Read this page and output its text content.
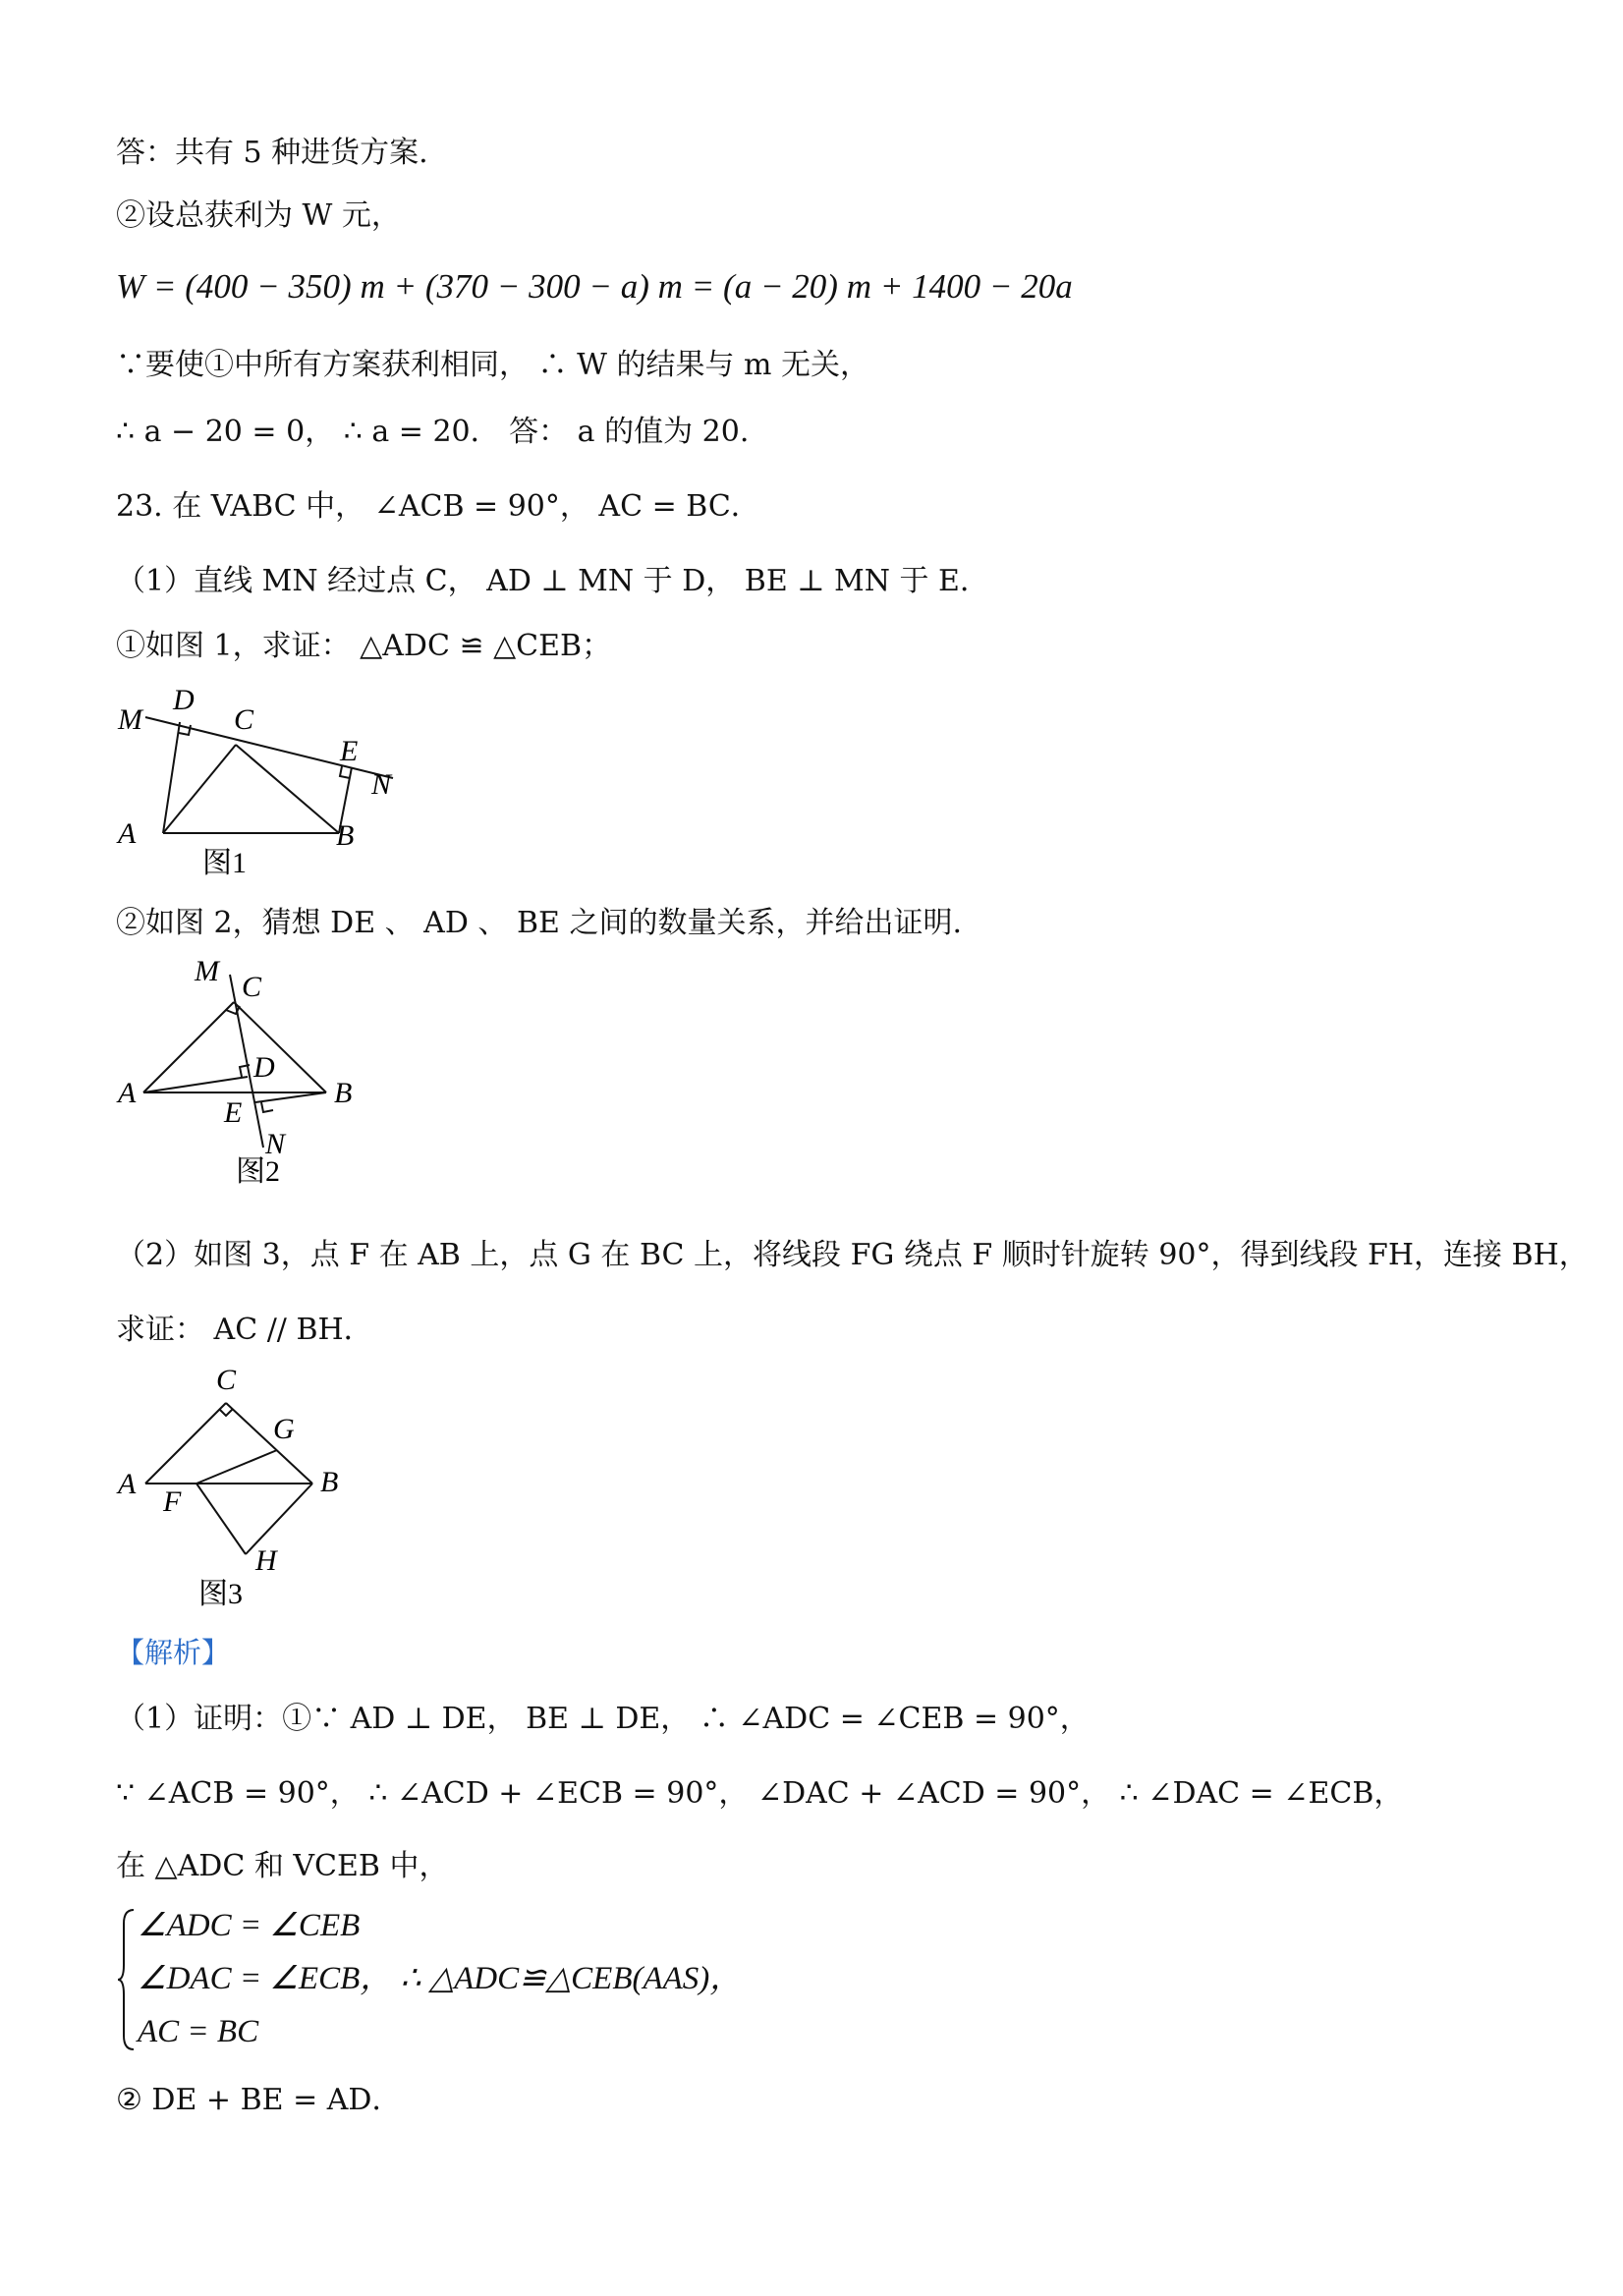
答：共有 5 种进货方案.
②设总获利为 W 元，
W = (400 − 350) m + (370 − 300 − a) m = (a − 20) m + 1400 − 20a
∵要使①中所有方案获利相同， ∴ W 的结果与 m 无关，
∴ a − 20 = 0， ∴ a = 20． 答： a 的值为 20.
23. 在 VABC 中， ∠ACB = 90°， AC = BC．
（1）直线 MN 经过点 C， AD ⊥ MN 于 D， BE ⊥ MN 于 E．
①如图 1，求证： △ADC ≌ △CEB；
M
D
C
E
N
A	B
图1
②如图 2，猜想 DE 、 AD 、 BE 之间的数量关系，并给出证明.
M C
D
A	B
E
N
图2
（2）如图 3，点 F 在 AB 上，点 G 在 BC 上，将线段 FG 绕点 F 顺时针旋转 90°，得到线段 FH，连接 BH，
求证： AC // BH．
C
G
A
F
B
H
图3
【解析】
（1）证明：①∵ AD ⊥ DE， BE ⊥ DE， ∴ ∠ADC = ∠CEB = 90°，
∵ ∠ACB = 90°， ∴ ∠ACD + ∠ECB = 90°， ∠DAC + ∠ACD = 90°， ∴ ∠DAC = ∠ECB，
在 △ADC 和 VCEB 中，
∠ADC = ∠CEB
∠DAC = ∠ECB， ∴ △ADC≌△CEB(AAS)，
AC = BC
② DE + BE = AD．
